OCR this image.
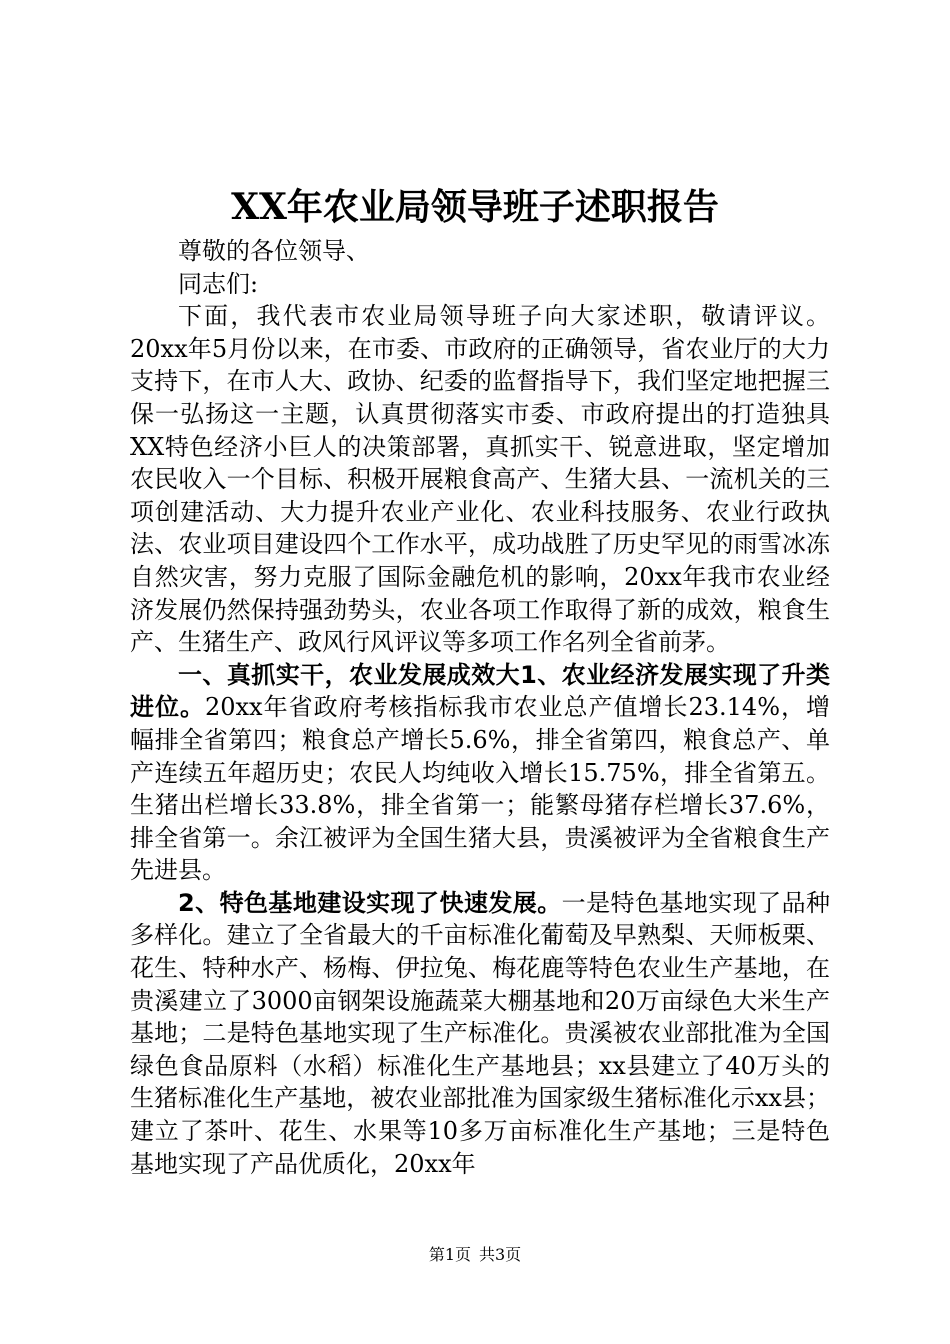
XX年农业局领导班子述职报告

尊敬的各位领导、

同志们:

下面，我代表市农业局领导班子向大家述职，敬请评议。20xx年5月份以来，在市委、市政府的正确领导，省农业厅的大力支持下，在市人大、政协、纪委的监督指导下，我们坚定地把握三保一弘扬这一主题，认真贯彻落实市委、市政府提出的打造独具XX特色经济小巨人的决策部署，真抓实干、锐意进取，坚定增加农民收入一个目标、积极开展粮食高产、生猪大县、一流机关的三项创建活动、大力提升农业产业化、农业科技服务、农业行政执法、农业项目建设四个工作水平，成功战胜了历史罕见的雨雪冰冻自然灾害，努力克服了国际金融危机的影响，20xx年我市农业经济发展仍然保持强劲势头，农业各项工作取得了新的成效，粮食生产、生猪生产、政风行风评议等多项工作名列全省前茅。

一、真抓实干，农业发展成效大1、农业经济发展实现了升类进位。20xx年省政府考核指标我市农业总产值增长23.14%，增幅排全省第四；粮食总产增长5.6%，排全省第四，粮食总产、单产连续五年超历史；农民人均纯收入增长15.75%，排全省第五。生猪出栏增长33.8%，排全省第一；能繁母猪存栏增长37.6%，排全省第一。余江被评为全国生猪大县，贵溪被评为全省粮食生产先进县。

2、特色基地建设实现了快速发展。一是特色基地实现了品种多样化。建立了全省最大的千亩标准化葡萄及早熟梨、天师板栗、花生、特种水产、杨梅、伊拉兔、梅花鹿等特色农业生产基地，在贵溪建立了3000亩钢架设施蔬菜大棚基地和20万亩绿色大米生产基地；二是特色基地实现了生产标准化。贵溪被农业部批准为全国绿色食品原料（水稻）标准化生产基地县；xx县建立了40万头的生猪标准化生产基地，被农业部批准为国家级生猪标准化示xx县；建立了茶叶、花生、水果等10多万亩标准化生产基地；三是特色基地实现了产品优质化，20xx年

第1页 共3页
